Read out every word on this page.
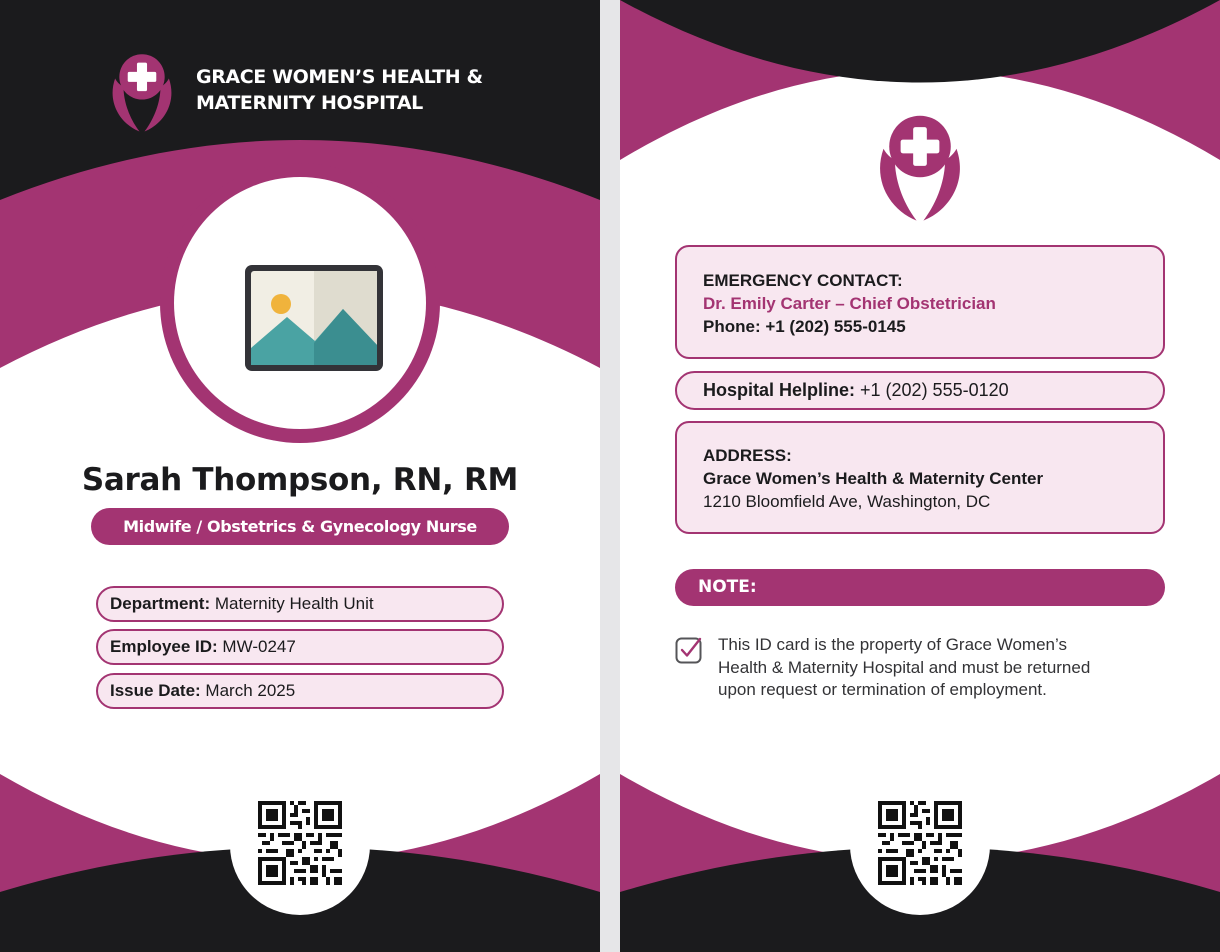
GRACE WOMEN’S HEALTH &
MATERNITY HOSPITAL
Sarah Thompson, RN, RM
Midwife / Obstetrics & Gynecology Nurse
Department: Maternity Health Unit
Employee ID: MW-0247
Issue Date: March 2025
EMERGENCY CONTACT:
Dr. Emily Carter – Chief Obstetrician
Phone: +1 (202) 555-0145
Hospital Helpline: +1 (202) 555-0120
ADDRESS:
Grace Women’s Health & Maternity Center
1210 Bloomfield Ave, Washington, DC
NOTE:
This ID card is the property of Grace Women’s Health & Maternity Hospital and must be returned upon request or termination of employment.
